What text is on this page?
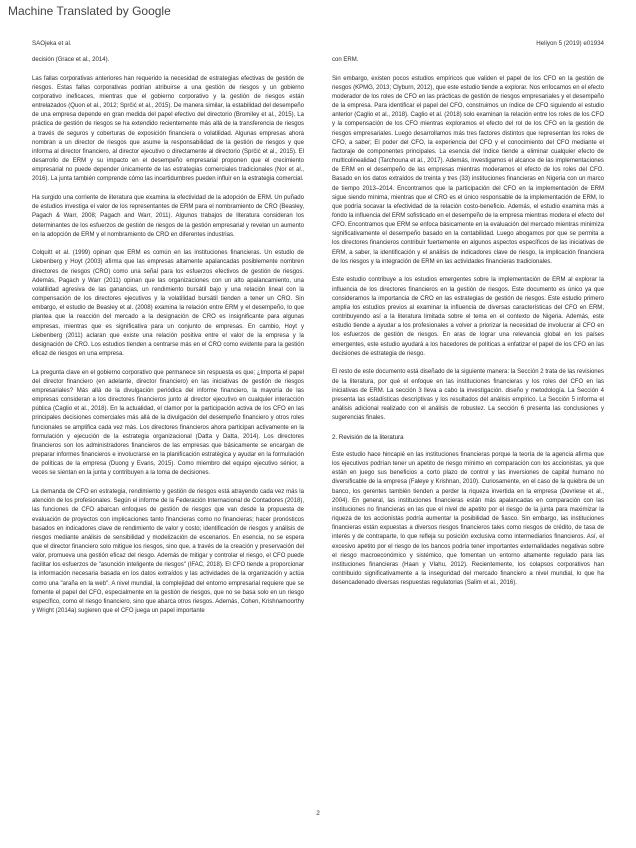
Machine Translated by Google
SAOjeka et al.	Heliyon 5 (2019) e01934

decisión (Grace et al., 2014).

Las fallas corporativas anteriores han requerido la necesidad de estrategias efectivas de gestión de riesgos. Estas fallas corporativas podrían atribuirse a una gestión de riesgos y un gobierno corporativo ineficaces, mientras que el gobierno corporativo y la gestión de riesgos están entrelazados (Quon et al., 2012; Sprčić et al., 2015). De manera similar, la estabilidad del desempeño de una empresa depende en gran medida del papel efectivo del directorio (Bromiley et al., 2015). La práctica de gestión de riesgos se ha extendido recientemente más allá de la transferencia de riesgos a través de seguros y coberturas de exposición financiera o volatilidad. Algunas empresas ahora nombran a un director de riesgos que asume la responsabilidad de la gestión de riesgos y que informa al director financiero, al director ejecutivo o directamente al directorio (Sprčić et al., 2015). El desarrollo de ERM y su impacto en el desempeño empresarial proponen que el crecimiento empresarial no puede depender únicamente de las estrategias comerciales tradicionales (Nor et al., 2016). La junta también comprende cómo las incertidumbres pueden influir en la estrategia comercial.

Ha surgido una corriente de literatura que examina la efectividad de la adopción de ERM. Un puñado de estudios investiga el valor de los representantes de ERM para el nombramiento de CRO (Beasley, Pagach & Warr, 2008; Pagach and Warr, 2011). Algunos trabajos de literatura consideran los determinantes de los esfuerzos de gestión de riesgos de la gestión empresarial y revelan un aumento en la adopción de ERM y el nombramiento de CRO en diferentes industrias.

Colquitt et al. (1999) opinan que ERM es común en las instituciones financieras. Un estudio de Liebenberg y Hoyt (2003) afirma que las empresas altamente apalancadas posiblemente nombren directores de riesgos (CRO) como una señal para los esfuerzos efectivos de gestión de riesgos. Además, Pagach y Warr (2011) opinan que las organizaciones con un alto apalancamiento, una volatilidad agresiva de las ganancias, un rendimiento bursátil bajo y una relación lineal con la compensación de los directores ejecutivos y la volatilidad bursátil tienden a tener un CRO. Sin embargo, el estudio de Beasley et al. (2008) examina la relación entre ERM y el desempeño, lo que plantea que la reacción del mercado a la designación de CRO es insignificante para algunas empresas, mientras que es significativa para un conjunto de empresas. En cambio, Hoyt y Liebenberg (2011) aclaran que existe una relación positiva entre el valor de la empresa y la designación de CRO. Los estudios tienden a centrarse más en el CRO como evidente para la gestión eficaz de riesgos en una empresa.

La pregunta clave en el gobierno corporativo que permanece sin respuesta es que; ¿Importa el papel del director financiero (en adelante, director financiero) en las iniciativas de gestión de riesgos empresariales? Más allá de la divulgación periódica del informe financiero, la mayoría de las empresas consideran a los directores financieros junto al director ejecutivo en cualquier interacción pública (Caglio et al., 2018). En la actualidad, el clamor por la participación activa de los CFO en las principales decisiones comerciales más allá de la divulgación del desempeño financiero y otros roles funcionales se amplifica cada vez más. Los directores financieros ahora participan activamente en la formulación y ejecución de la estrategia organizacional (Datta y Datta, 2014). Los directores financieros son los administradores financieros de las empresas que básicamente se encargan de preparar informes financieros e involucrarse en la planificación estratégica y ayudar en la formulación de políticas de la empresa (Duong y Evans, 2015). Como miembro del equipo ejecutivo sénior, a veces se sientan en la junta y contribuyen a la toma de decisiones.

La demanda de CFO en estrategia, rendimiento y gestión de riesgos está atrayendo cada vez más la atención de los profesionales. Según el informe de la Federación Internacional de Contadores (2018), las funciones de CFO abarcan enfoques de gestión de riesgos que van desde la propuesta de evaluación de proyectos con implicaciones tanto financieras como no financieras; hacer pronósticos basados en indicadores clave de rendimiento de valor y costo; identificación de riesgos y análisis de riesgos mediante análisis de sensibilidad y modelización de escenarios. En esencia, no se espera que el director financiero solo mitigue los riesgos, sino que, a través de la creación y preservación del valor, promueva una gestión eficaz del riesgo. Además de mitigar y controlar el riesgo, el CFO puede facilitar los esfuerzos de "asunción inteligente de riesgos" (IFAC, 2018). El CFO tiende a proporcionar la información necesaria basada en los datos extraídos y las actividades de la organización y actúa como una "araña en la web". A nivel mundial, la complejidad del entorno empresarial requiere que se fomente el papel del CFO, especialmente en la gestión de riesgos, que no se basa solo en un riesgo específico, como el riesgo financiero, sino que abarca otros riesgos. Además, Cohen, Krishnamoorthy y Wright (2014a) sugieren que el CFO juega un papel importante

con ERM.

Sin embargo, existen pocos estudios empíricos que validen el papel de los CFO en la gestión de riesgos (KPMG, 2013; Clyburn, 2012), que este estudio tiende a explorar. Nos enfocamos en el efecto moderador de los roles de CFO en las prácticas de gestión de riesgos empresariales y el desempeño de la empresa. Para identificar el papel del CFO, construimos un índice de CFO siguiendo el estudio anterior (Caglio et al., 2018). Caglio et al. (2018) solo examinan la relación entre los roles de los CFO y la compensación de los CFO mientras exploramos el efecto del rol de los CFO en la gestión de riesgos empresariales. Luego desarrollamos más tres factores distintos que representan los roles de CFO, a saber; El poder del CFO, la experiencia del CFO y el conocimiento del CFO mediante el factoraje de componentes principales. La esencia del índice tiende a eliminar cualquier efecto de multicolinealidad (Tarchouna et al., 2017). Además, investigamos el alcance de las implementaciones de ERM en el desempeño de las empresas mientras moderamos el efecto de los roles del CFO. Basado en los datos extraídos de treinta y tres (33) instituciones financieras en Nigeria con un marco de tiempo 2013–2014. Encontramos que la participación del CFO en la implementación de ERM sigue siendo mínima, mientras que el CRO es el único responsable de la implementación de ERM, lo que podría socavar la efectividad de la relación costo-beneficio. Además, el estudio examina más a fondo la influencia del ERM sofisticado en el desempeño de la empresa mientras modera el efecto del CFO. Encontramos que ERM se enfoca básicamente en la evaluación del mercado mientras minimiza significativamente el desempeño basado en la contabilidad. Luego abogamos por que se permita a los directores financieros contribuir fuertemente en algunos aspectos específicos de las iniciativas de ERM, a saber, la identificación y el análisis de indicadores clave de riesgo, la implicación financiera de los riesgos y la integración de ERM en las actividades financieras tradicionales.

Este estudio contribuye a los estudios emergentes sobre la implementación de ERM al explorar la influencia de los directores financieros en la gestión de riesgos. Este documento es único ya que consideramos la importancia de CRO en las estrategias de gestión de riesgos. Este estudio primero amplía los estudios previos al examinar la influencia de diversas características del CFO en ERM, contribuyendo así a la literatura limitada sobre el tema en el contexto de Nigeria. Además, este estudio tiende a ayudar a los profesionales a volver a priorizar la necesidad de involucrar al CFO en los esfuerzos de gestión de riesgos. En aras de lograr una relevancia global en los países emergentes, este estudio ayudará a los hacedores de políticas a enfatizar el papel de los CFO en las decisiones de estrategia de riesgo.

El resto de este documento está diseñado de la siguiente manera: la Sección 2 trata de las revisiones de la literatura, por qué el enfoque en las instituciones financieras y los roles del CFO en las iniciativas de ERM. La sección 3 lleva a cabo la investigación. diseño y metodología. La Sección 4 presenta las estadísticas descriptivas y los resultados del análisis empírico. La Sección 5 informa el análisis adicional realizado con el análisis de robustez. La sección 6 presenta las conclusiones y sugerencias finales.

2. Revisión de la literatura

Este estudio hace hincapié en las instituciones financieras porque la teoría de la agencia afirma que los ejecutivos podrían tener un apetito de riesgo mínimo en comparación con los accionistas, ya que están en juego sus beneficios a corto plazo de control y las inversiones de capital humano no diversificable de la empresa (Faleye y Krishnan, 2010). Curiosamente, en el caso de la quiebra de un banco, los gerentes también tienden a perder la riqueza invertida en la empresa (Devriese et al., 2004). En general, las instituciones financieras están más apalancadas en comparación con las instituciones no financieras en las que el nivel de apetito por el riesgo de la junta para maximizar la riqueza de los accionistas podría aumentar la posibilidad de fiasco. Sin embargo, las instituciones financieras están expuestas a diversos riesgos financieros tales como riesgos de crédito, de tasa de interés y de contraparte, lo que refleja su posición exclusiva como intermediarios financieros. Así, el excesivo apetito por el riesgo de los bancos podría tener importantes externalidades negativas sobre el riesgo macroeconómico y sistémico, que fomentan un entorno altamente regulado para las instituciones financieras (Haan y Vlahu, 2012). Recientemente, los colapsos corporativos han contribuido significativamente a la inseguridad del mercado financiero a nivel mundial, lo que ha desencadenado diversas respuestas regulatorias (Salim et al., 2016).

2
